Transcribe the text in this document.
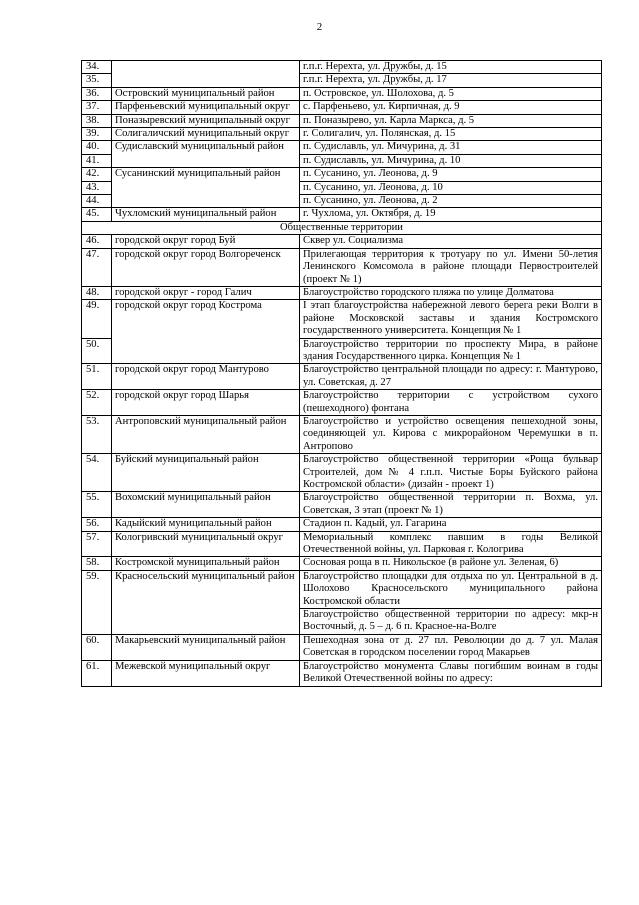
2
34.		г.п.г. Нерехта, ул. Дружбы, д. 15
35.		г.п.г. Нерехта, ул. Дружбы, д. 17
36.	Островский муниципальный район	п. Островское, ул. Шолохова, д. 5
37.	Парфеньевский муниципальный округ	с. Парфеньево, ул. Кирпичная, д. 9
38.	Поназыревский муниципальный округ	п. Поназырево, ул. Карла Маркса, д. 5
39.	Солигаличский муниципальный округ	г. Солигалич, ул. Полянская, д. 15
40.	Судиславский муниципальный район	п. Судиславль, ул. Мичурина, д. 31
41.		п. Судиславль, ул. Мичурина, д. 10
42.	Сусанинский муниципальный район	п. Сусанино, ул. Леонова, д. 9
43.		п. Сусанино, ул. Леонова, д. 10
44.		п. Сусанино, ул. Леонова, д. 2
45.	Чухломский муниципальный район	г. Чухлома, ул. Октября, д. 19
Общественные территории		
46.	городской округ город Буй	Сквер ул. Социализма
47.	городской округ город Волгореченск	Прилегающая территория к тротуару по ул. Имени 50-летия Ленинского Комсомола в районе площади Первостроителей (проект № 1)
48.	городской округ - город Галич	Благоустройство городского пляжа по улице Долматова
49.	городской округ город Кострома	I этап благоустройства набережной левого берега реки Волги в районе Московской заставы и здания Костромского государственного университета. Концепция № 1
50.		Благоустройство территории по проспекту Мира, в районе здания Государственного цирка. Концепция № 1
51.	городской округ город Мантурово	Благоустройство центральной площади по адресу: г. Мантурово, ул. Советская, д. 27
52.	городской округ город Шарья	Благоустройство территории с устройством сухого (пешеходного) фонтана
53.	Антроповский муниципальный район	Благоустройство и устройство освещения пешеходной зоны, соединяющей ул. Кирова с микрорайоном Черемушки в п. Антропово
54.	Буйский муниципальный район	Благоустройство общественной территории «Роща бульвар Строителей, дом № 4 г.п.п. Чистые Боры Буйского района Костромской области» (дизайн - проект 1)
55.	Вохомский муниципальный район	Благоустройство общественной территории п. Вохма, ул. Советская, 3 этап (проект № 1)
56.	Кадыйский муниципальный район	Стадион п. Кадый, ул. Гагарина
57.	Кологривский муниципальный округ	Мемориальный комплекс павшим в годы Великой Отечественной войны, ул. Парковая г. Кологрива
58.	Костромской муниципальный район	Сосновая роща в п. Никольское (в районе ул. Зеленая, 6)
59.	Красносельский муниципальный район	Благоустройство площадки для отдыха по ул. Центральной в д. Шолохово Красносельского муниципального района Костромской области
		Благоустройство общественной территории по адресу: мкр-н Восточный, д. 5 – д. 6 п. Красное-на-Волге
60.	Макарьевский муниципальный район	Пешеходная зона от д. 27 пл. Революции до д. 7 ул. Малая Советская в городском поселении город Макарьев
61.	Межевской муниципальный округ	Благоустройство монумента Славы погибшим воинам в годы Великой Отечественной войны по адресу:
